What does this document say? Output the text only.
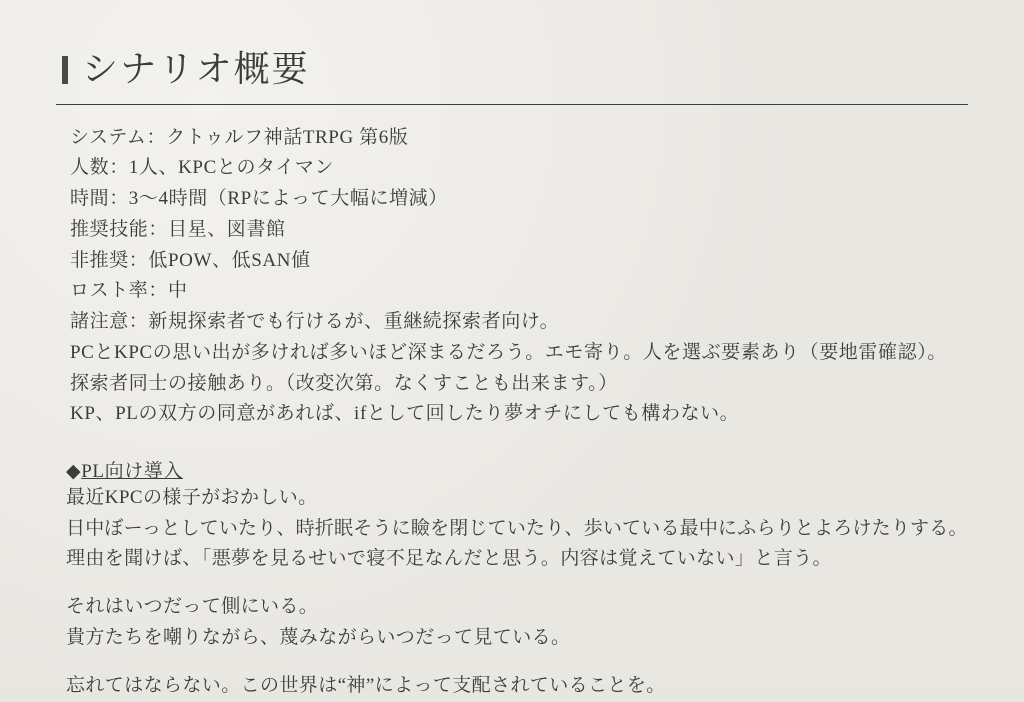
シナリオ概要

システム：クトゥルフ神話TRPG 第6版

人数：1人、KPCとのタイマン

時間：3〜4時間（RPによって大幅に増減）

推奨技能：目星、図書館

非推奨：低POW、低SAN値

ロスト率：中

諸注意：新規探索者でも行けるが、重継続探索者向け。

PCとKPCの思い出が多ければ多いほど深まるだろう。エモ寄り。人を選ぶ要素あり（要地雷確認）。

探索者同士の接触あり。（改変次第。なくすことも出来ます。）

KP、PLの双方の同意があれば、ifとして回したり夢オチにしても構わない。

◆PL向け導入

最近KPCの様子がおかしい。

日中ぼーっとしていたり、時折眠そうに瞼を閉じていたり、歩いている最中にふらりとよろけたりする。

理由を聞けば、「悪夢を見るせいで寝不足なんだと思う。内容は覚えていない」と言う。

それはいつだって側にいる。

貴方たちを嘲りながら、蔑みながらいつだって見ている。

忘れてはならない。この世界は“神”によって支配されていることを。
